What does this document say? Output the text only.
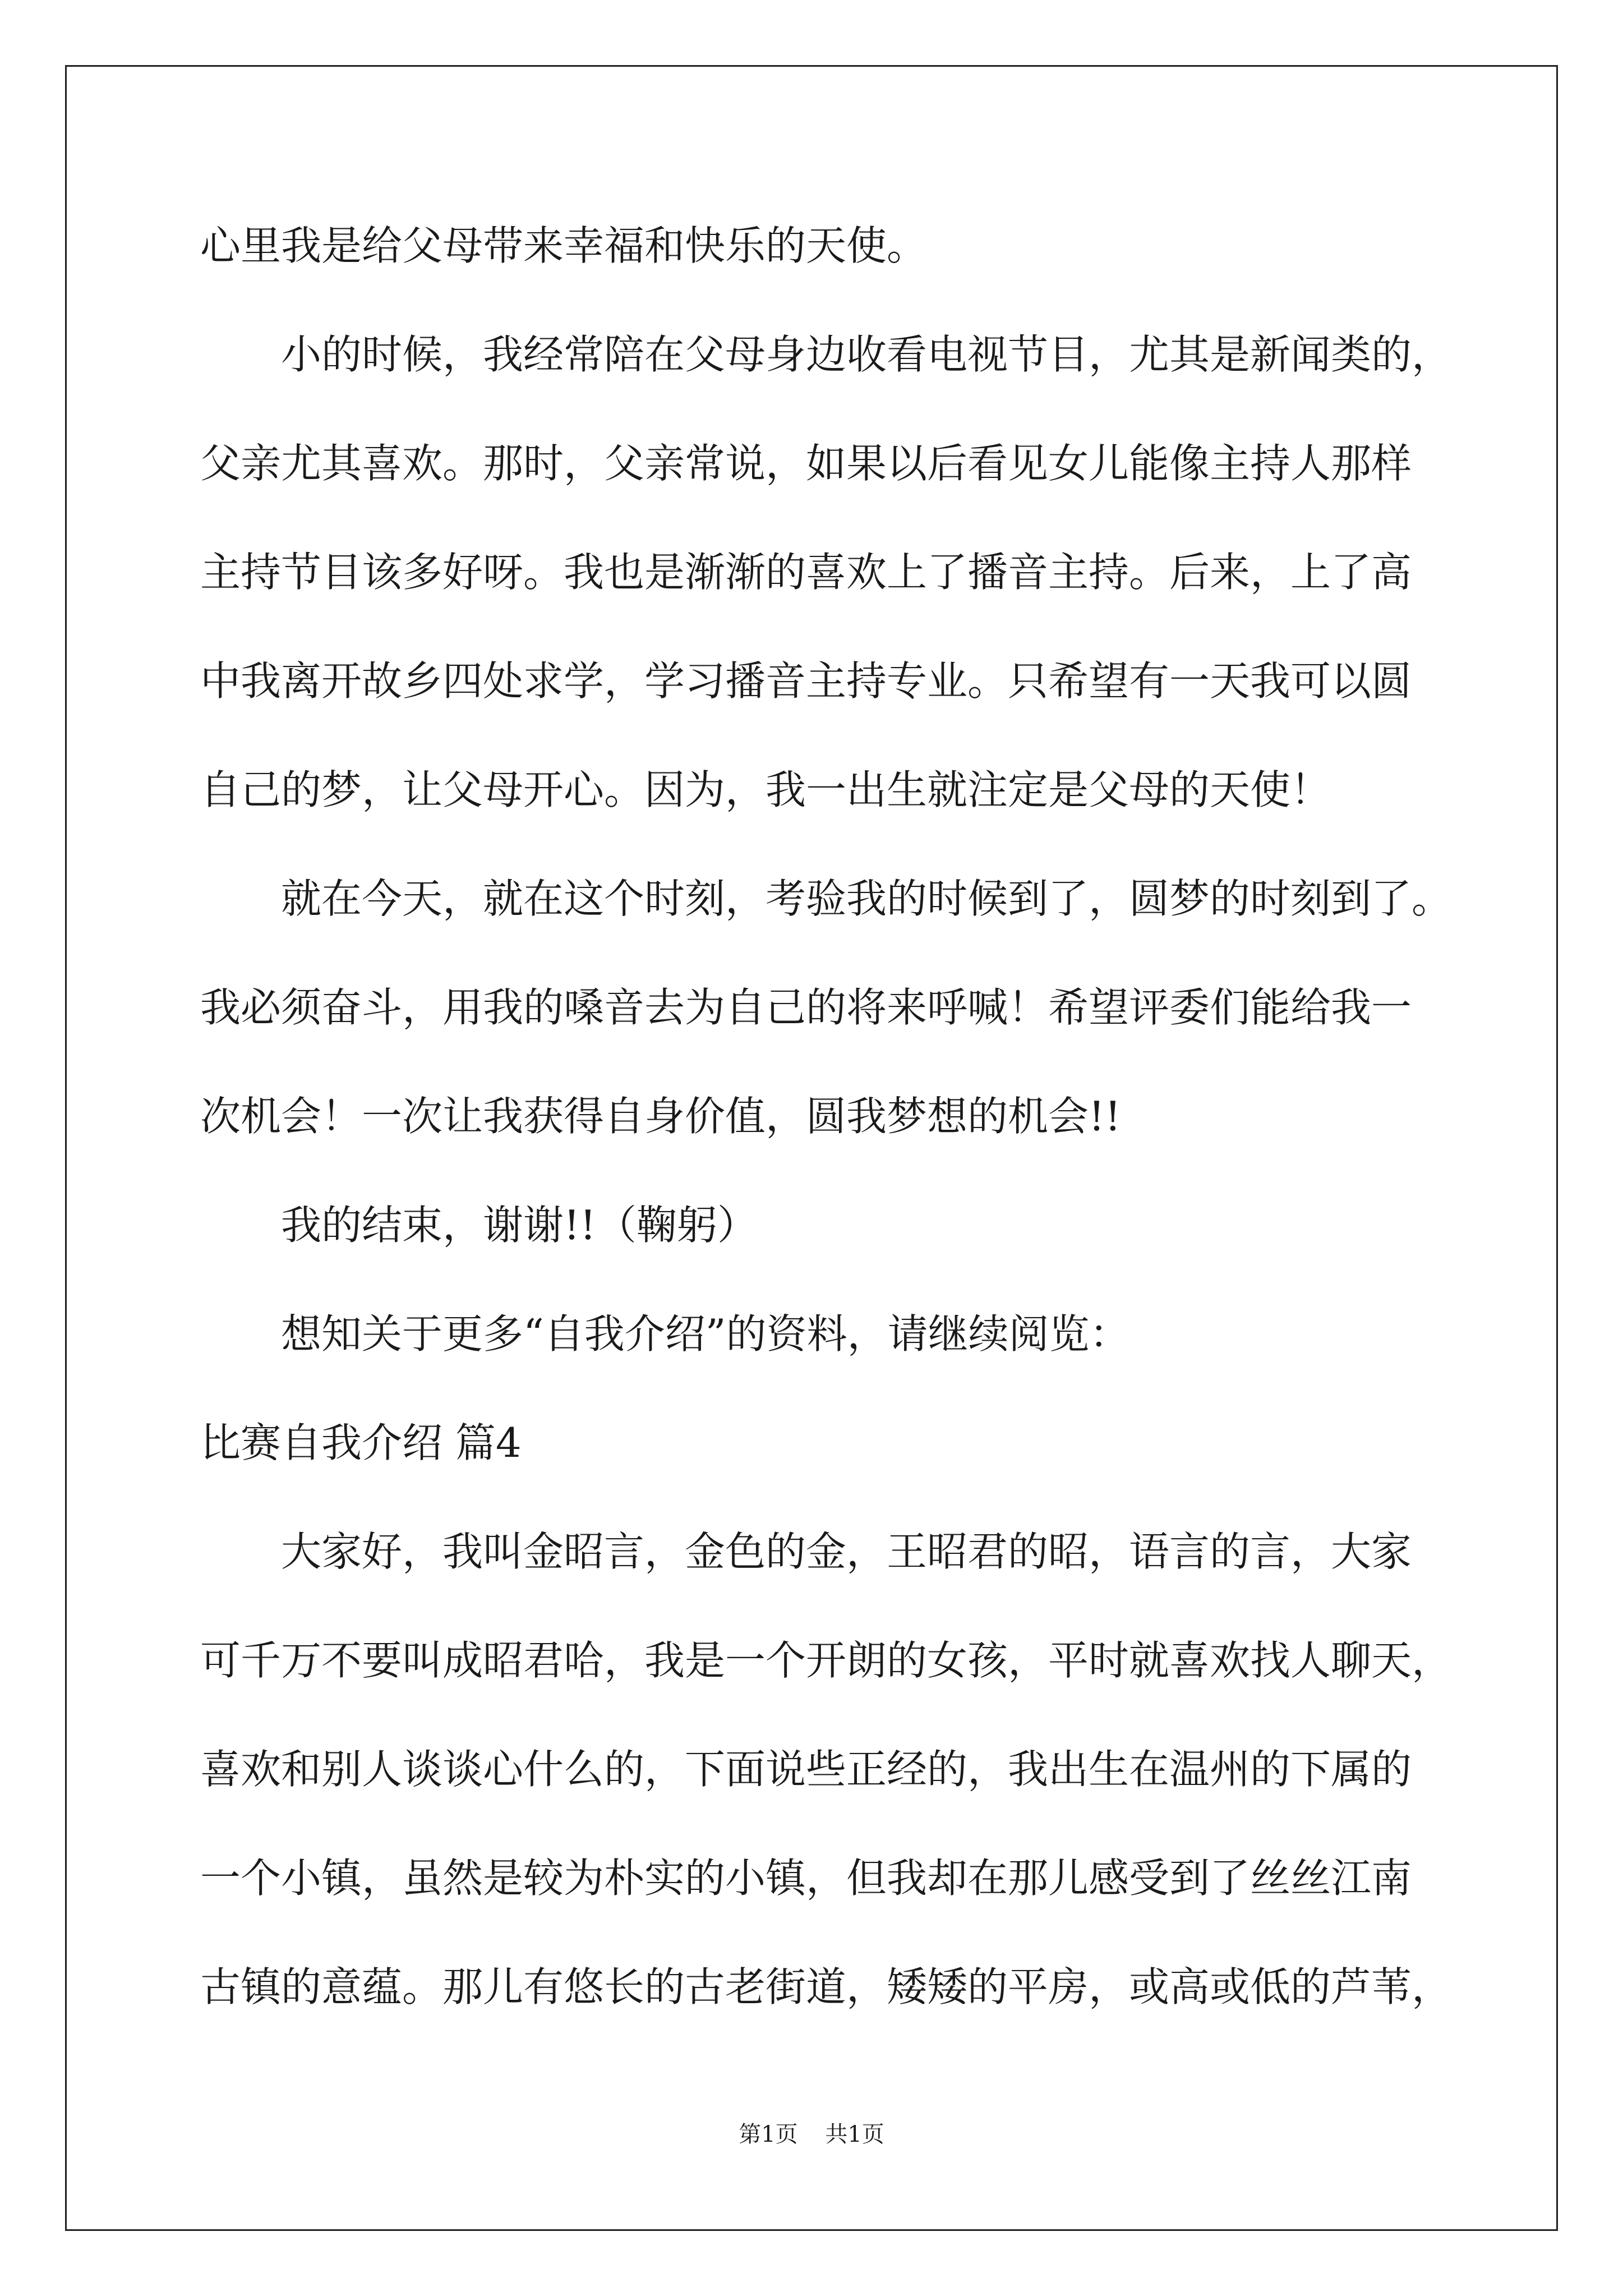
心里我是给父母带来幸福和快乐的天使。

　　小的时候，我经常陪在父母身边收看电视节目，尤其是新闻类的，

父亲尤其喜欢。那时，父亲常说，如果以后看见女儿能像主持人那样

主持节目该多好呀。我也是渐渐的喜欢上了播音主持。后来，上了高

中我离开故乡四处求学，学习播音主持专业。只希望有一天我可以圆

自己的梦，让父母开心。因为，我一出生就注定是父母的天使！

　　就在今天，就在这个时刻，考验我的时候到了，圆梦的时刻到了。

我必须奋斗，用我的嗓音去为自己的将来呼喊！希望评委们能给我一

次机会！一次让我获得自身价值，圆我梦想的机会!!

　　我的结束，谢谢!!（鞠躬）

　　想知关于更多“自我介绍”的资料，请继续阅览：

比赛自我介绍 篇4

　　大家好，我叫金昭言，金色的金，王昭君的昭，语言的言，大家

可千万不要叫成昭君哈，我是一个开朗的女孩，平时就喜欢找人聊天，

喜欢和别人谈谈心什么的，下面说些正经的，我出生在温州的下属的

一个小镇，虽然是较为朴实的小镇，但我却在那儿感受到了丝丝江南

古镇的意蕴。那儿有悠长的古老街道，矮矮的平房，或高或低的芦苇，

第1页 共1页
